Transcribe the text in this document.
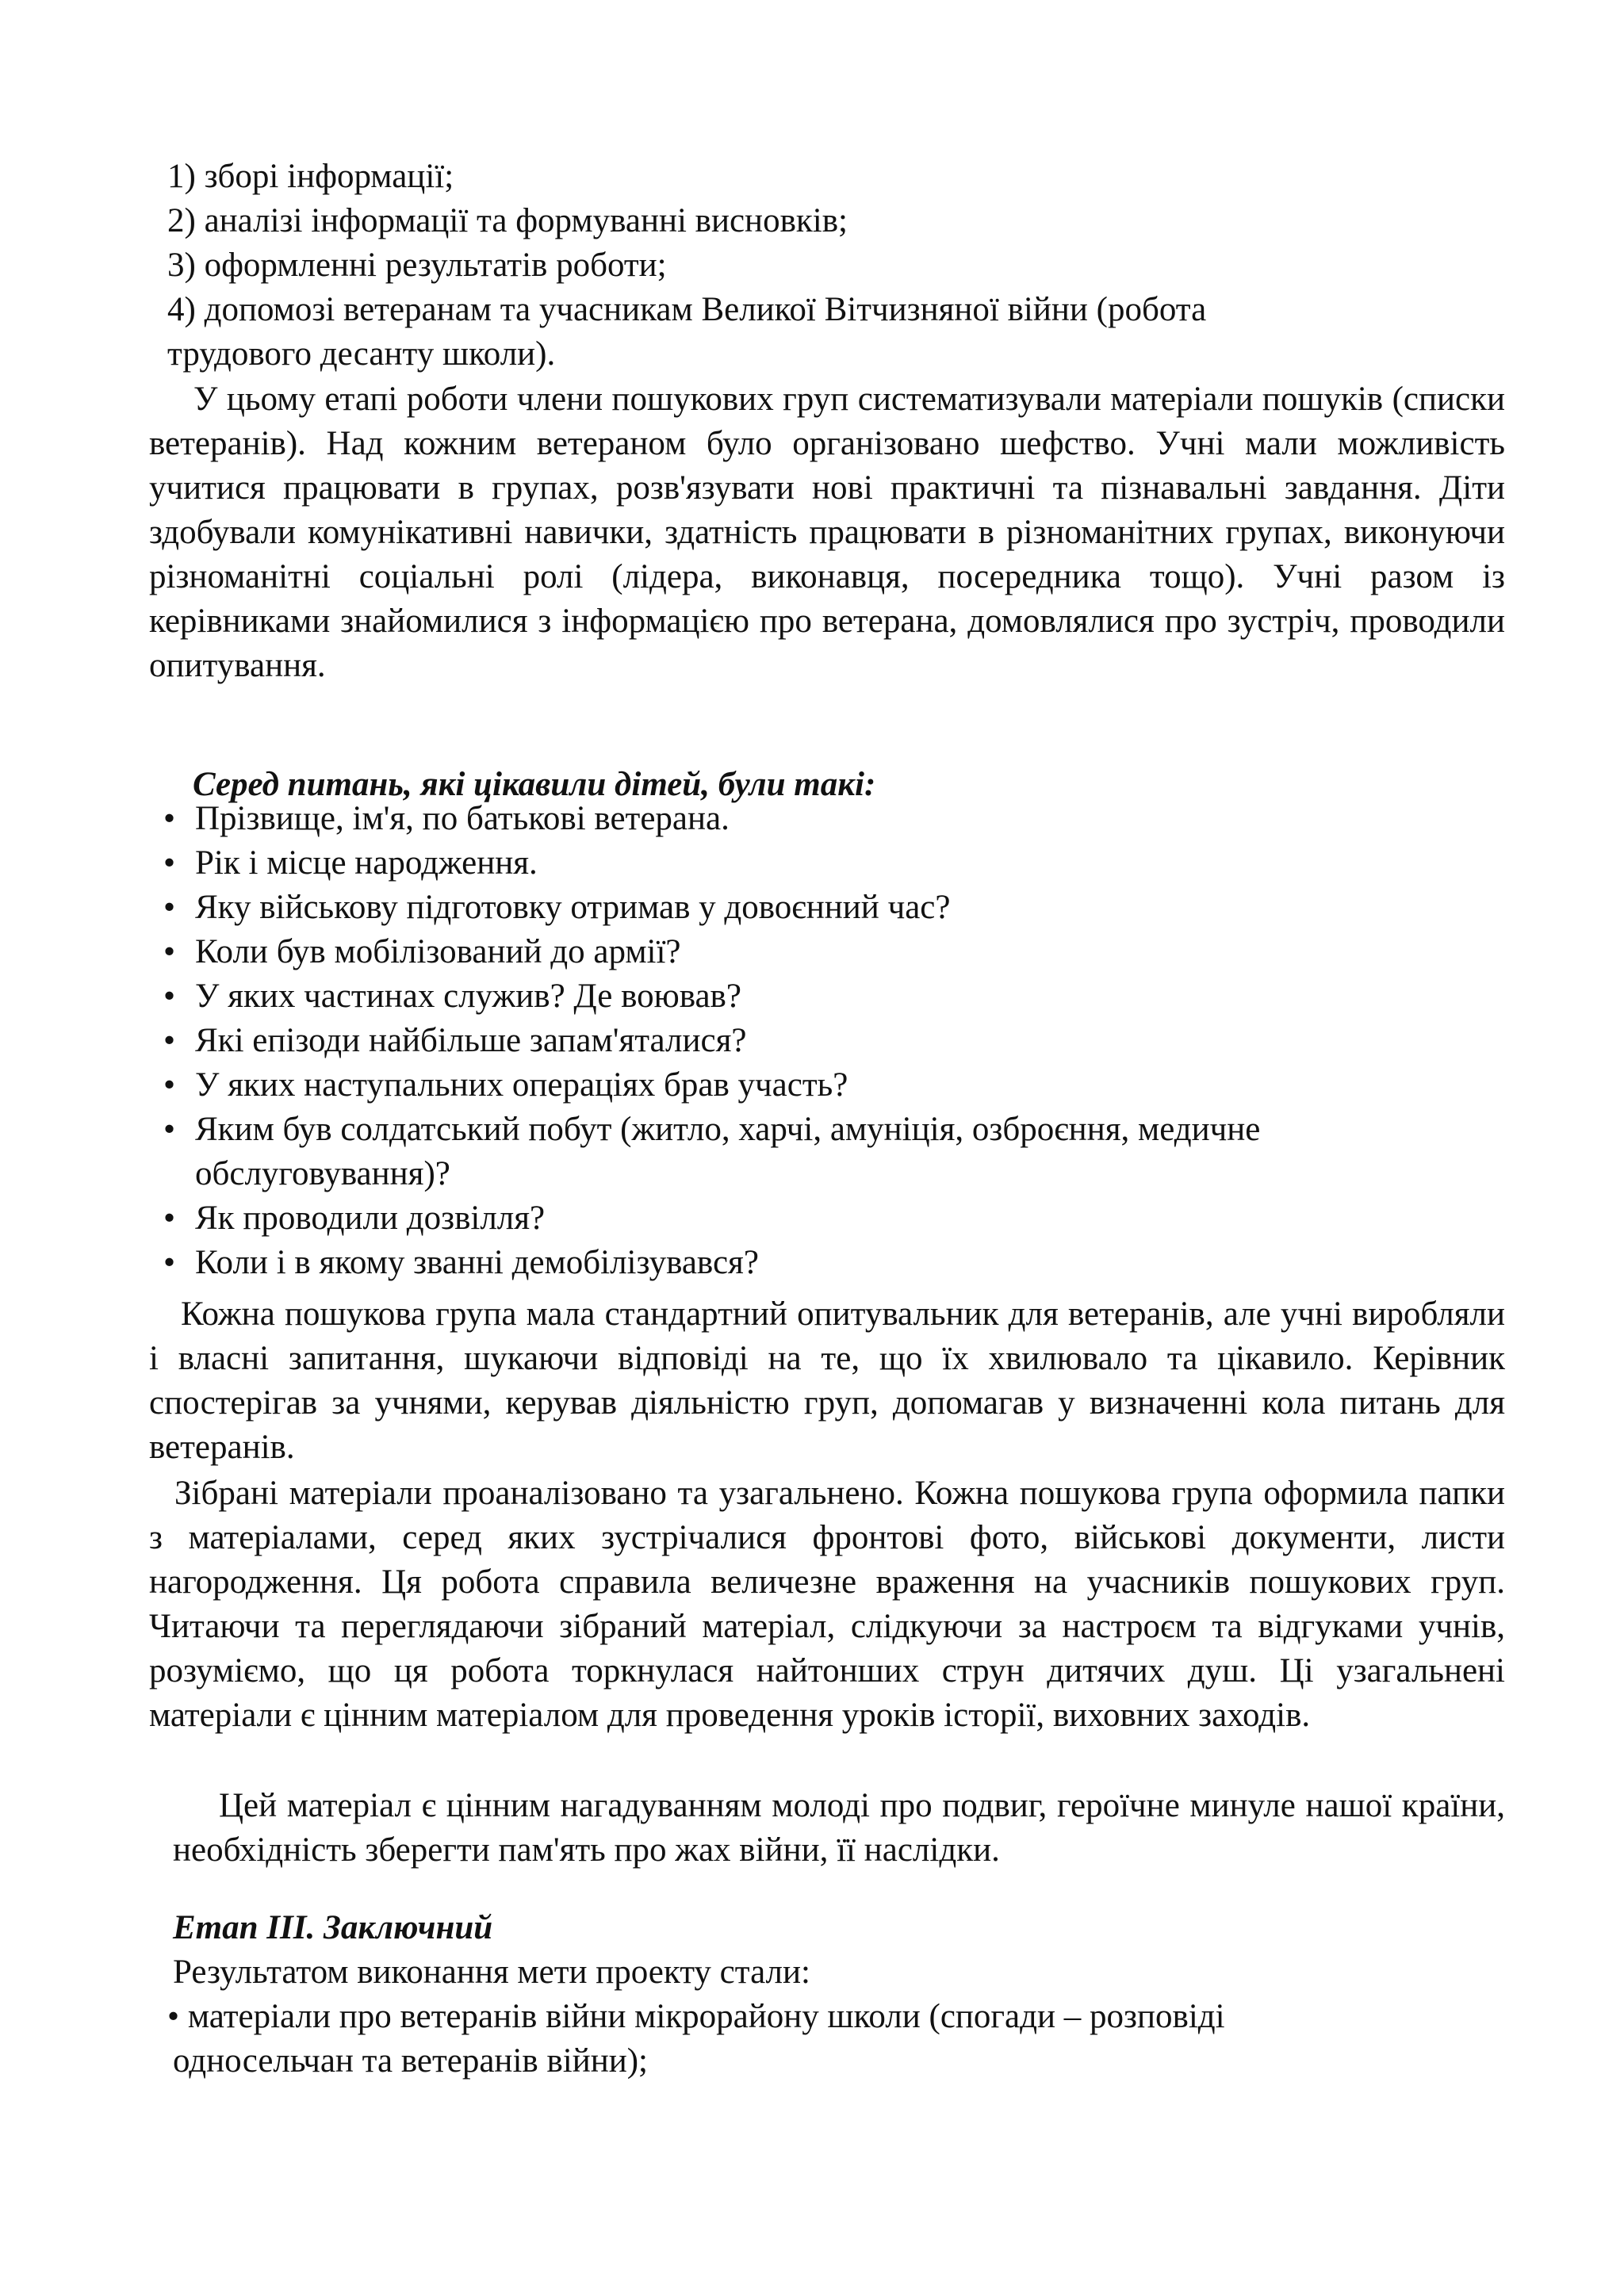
1) зборі інформації;

2) аналізі інформації та формуванні висновків;

3) оформленні результатів роботи;

4) допомозі ветеранам та учасникам Великої Вітчизняної війни (робота

трудового десанту школи).

У цьому етапі роботи члени пошукових груп систематизували матеріали пошуків (списки ветеранів). Над кожним ветераном було організовано шефство. Учні мали можливість учитися працювати в групах, розв'язувати нові практичні та пізнавальні завдання. Діти здобували комунікативні навички, здатність працювати в різноманітних групах, виконуючи різноманітні соціальні ролі (лідера, виконавця, посередника тощо). Учні разом із керівниками знайомилися з інформацією про ветерана, домовлялися про зустріч, проводили опитування.

Серед питань, які цікавили дітей, були такі:

• Прізвище, ім'я, по батькові ветерана.
• Рік і місце народження.
• Яку військову підготовку отримав у довоєнний час?
• Коли був мобілізований до армії?
• У яких частинах служив? Де воював?
• Які епізоди найбільше запам'яталися?
• У яких наступальних операціях брав участь?
• Яким був солдатський побут (житло, харчі, амуніція, озброєння, медичне обслуговування)?
• Як проводили дозвілля?
• Коли і в якому званні демобілізувався?

Кожна пошукова група мала стандартний опитувальник для ветеранів, але учні виробляли і власні запитання, шукаючи відповіді на те, що їх хвилювало та цікавило. Керівник спостерігав за учнями, керував діяльністю груп, допомагав у визначенні кола питань для ветеранів.

Зібрані матеріали проаналізовано та узагальнено. Кожна пошукова група оформила папки з матеріалами, серед яких зустрічалися фронтові фото, військові документи, листи нагородження. Ця робота справила величезне враження на учасників пошукових груп. Читаючи та переглядаючи зібраний матеріал, слідкуючи за настроєм та відгуками учнів, розуміємо, що ця робота торкнулася найтонших струн дитячих душ. Ці узагальнені матеріали є цінним матеріалом для проведення уроків історії, виховних заходів.

Цей матеріал є цінним нагадуванням молоді про подвиг, героїчне минуле нашої країни, необхідність зберегти пам'ять про жах війни, її наслідки.

Етап III. Заключний

Результатом виконання мети проекту стали:

• матеріали про ветеранів війни мікрорайону школи (спогади – розповіді

односельчан та ветеранів війни);
